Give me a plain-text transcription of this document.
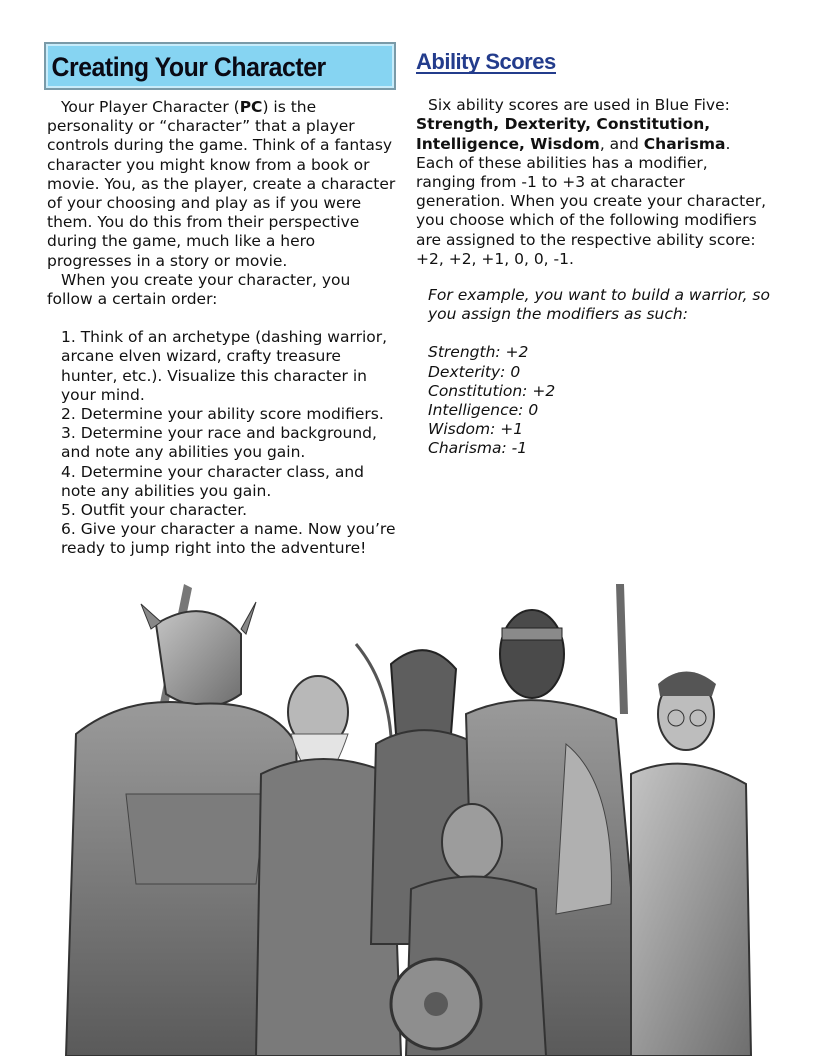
Creating Your Character

Your Player Character (PC) is the personality or “character” that a player controls during the game. Think of a fantasy character you might know from a book or movie. You, as the player, create a character of your choosing and play as if you were them. You do this from their perspective during the game, much like a hero progresses in a story or movie.

When you create your character, you follow a certain order:

1. Think of an archetype (dashing warrior, arcane elven wizard, crafty treasure hunter, etc.). Visualize this character in your mind.
2. Determine your ability score modifiers.
3. Determine your race and background, and note any abilities you gain.
4. Determine your character class, and note any abilities you gain.
5. Outfit your character.
6. Give your character a name. Now you’re ready to jump right into the adventure!
Ability Scores

Six ability scores are used in Blue Five: Strength, Dexterity, Constitution, Intelligence, Wisdom, and Charisma. Each of these abilities has a modifier, ranging from -1 to +3 at character generation. When you create your character, you choose which of the following modifiers are assigned to the respective ability score: +2, +2, +1, 0, 0, -1.

For example, you want to build a warrior, so you assign the modifiers as such:

Strength: +2
Dexterity: 0
Constitution: +2
Intelligence: 0
Wisdom: +1
Charisma: -1
